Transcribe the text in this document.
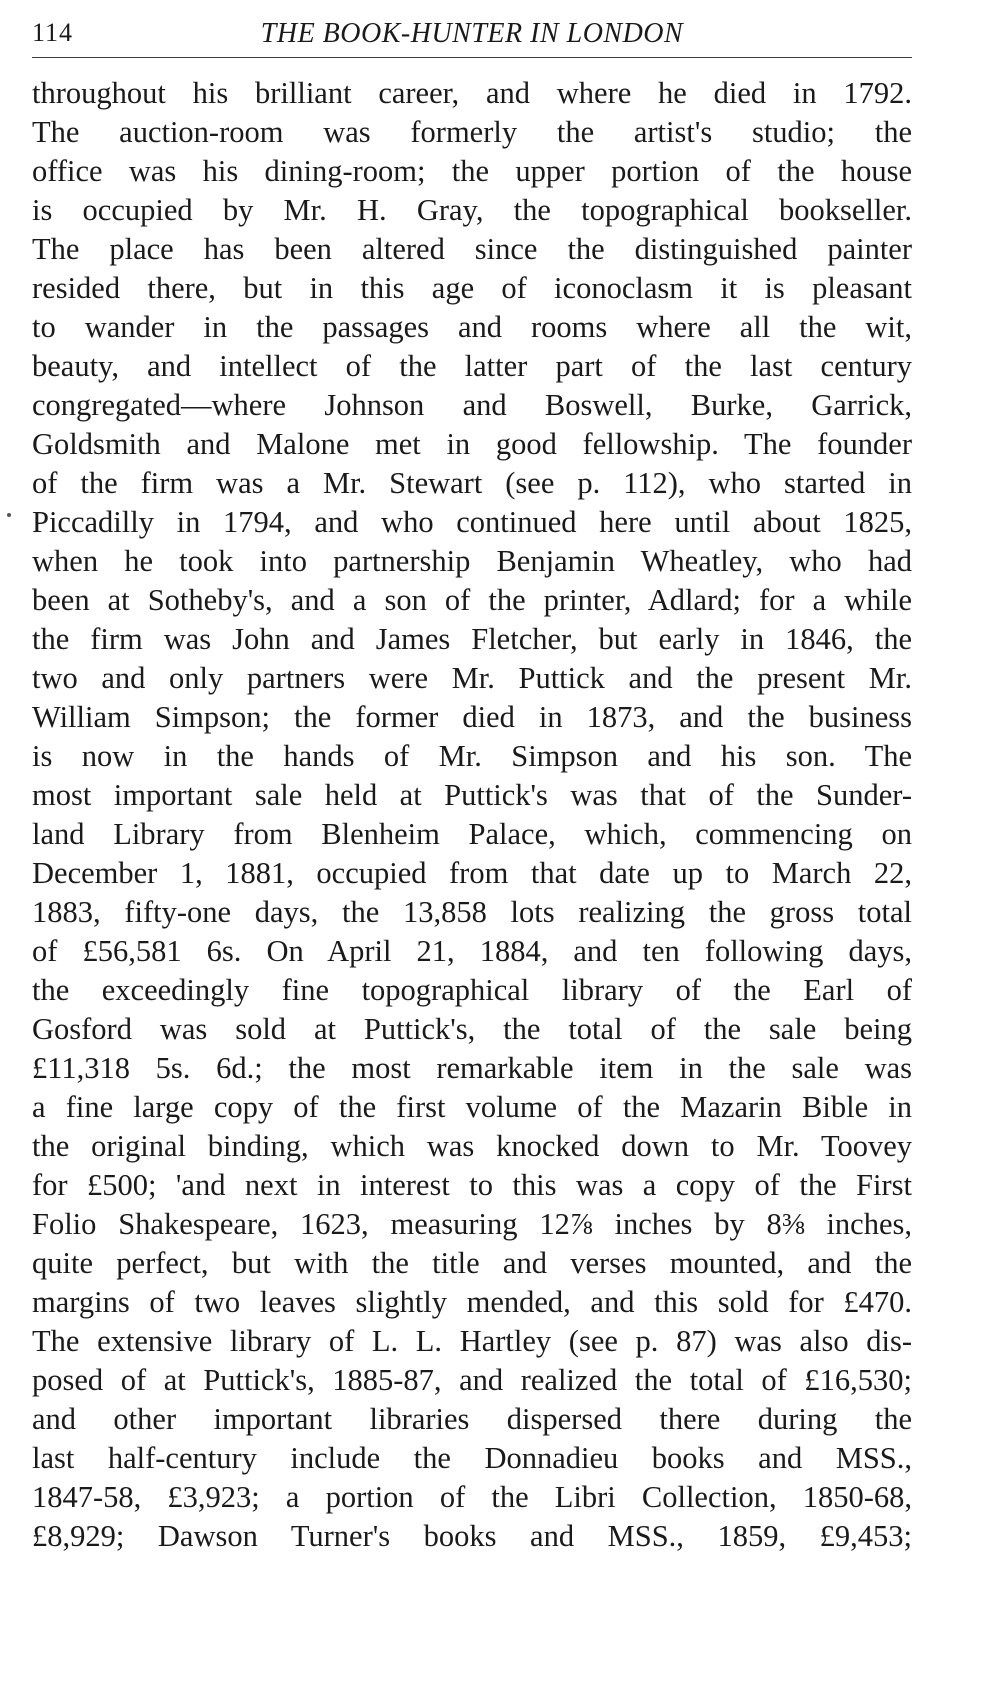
114	THE BOOK-HUNTER IN LONDON
throughout his brilliant career, and where he died in 1792.
The auction-room was formerly the artist's studio; the
office was his dining-room; the upper portion of the house
is occupied by Mr. H. Gray, the topographical bookseller.
The place has been altered since the distinguished painter
resided there, but in this age of iconoclasm it is pleasant
to wander in the passages and rooms where all the wit,
beauty, and intellect of the latter part of the last century
congregated—where Johnson and Boswell, Burke, Garrick,
Goldsmith and Malone met in good fellowship. The founder
of the firm was a Mr. Stewart (see p. 112), who started in
Piccadilly in 1794, and who continued here until about 1825,
when he took into partnership Benjamin Wheatley, who had
been at Sotheby's, and a son of the printer, Adlard; for a while
the firm was John and James Fletcher, but early in 1846, the
two and only partners were Mr. Puttick and the present Mr.
William Simpson; the former died in 1873, and the business
is now in the hands of Mr. Simpson and his son. The
most important sale held at Puttick's was that of the Sunder-
land Library from Blenheim Palace, which, commencing on
December 1, 1881, occupied from that date up to March 22,
1883, fifty-one days, the 13,858 lots realizing the gross total
of £56,581 6s. On April 21, 1884, and ten following days,
the exceedingly fine topographical library of the Earl of
Gosford was sold at Puttick's, the total of the sale being
£11,318 5s. 6d.; the most remarkable item in the sale was
a fine large copy of the first volume of the Mazarin Bible in
the original binding, which was knocked down to Mr. Toovey
for £500; 'and next in interest to this was a copy of the First
Folio Shakespeare, 1623, measuring 12⅞ inches by 8⅜ inches,
quite perfect, but with the title and verses mounted, and the
margins of two leaves slightly mended, and this sold for £470.
The extensive library of L. L. Hartley (see p. 87) was also dis-
posed of at Puttick's, 1885-87, and realized the total of £16,530;
and other important libraries dispersed there during the
last half-century include the Donnadieu books and MSS.,
1847-58, £3,923; a portion of the Libri Collection, 1850-68,
£8,929; Dawson Turner's books and MSS., 1859, £9,453;
